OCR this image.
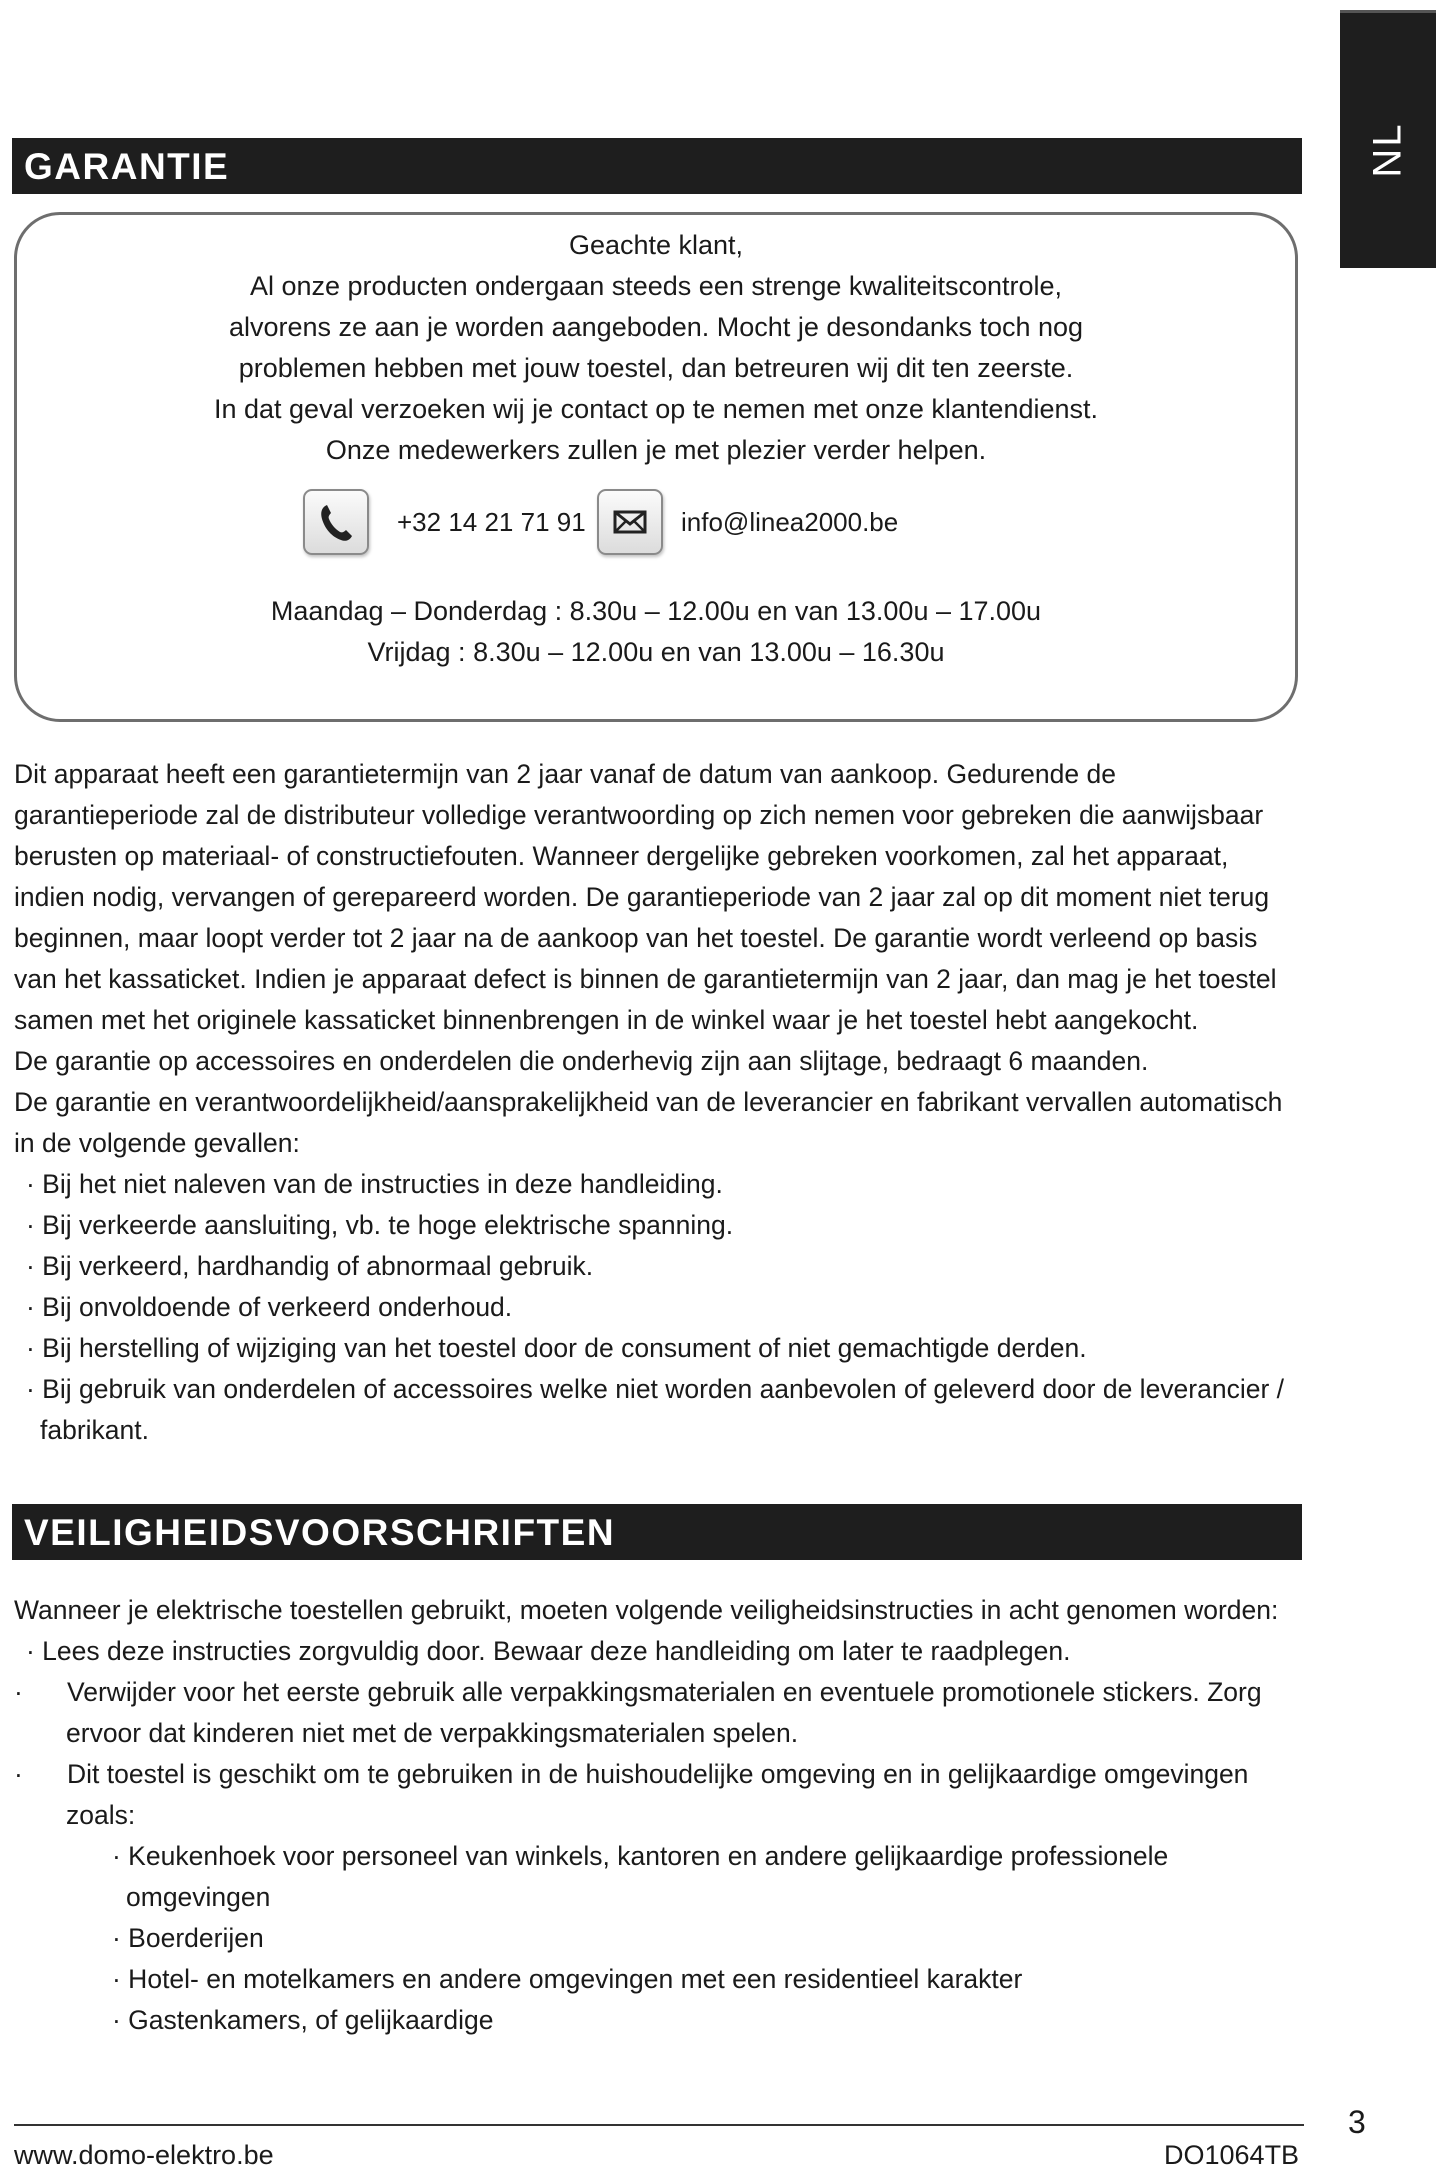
NL
GARANTIE
Geachte klant,
Al onze producten ondergaan steeds een strenge kwaliteitscontrole,
alvorens ze aan je worden aangeboden. Mocht je desondanks toch nog
problemen hebben met jouw toestel, dan betreuren wij dit ten zeerste.
In dat geval verzoeken wij je contact op te nemen met onze klantendienst.
Onze medewerkers zullen je met plezier verder helpen.
+32 14 21 71 91	info@linea2000.be
Maandag – Donderdag : 8.30u – 12.00u en van 13.00u – 17.00u
Vrijdag : 8.30u – 12.00u en van 13.00u – 16.30u

Dit apparaat heeft een garantietermijn van 2 jaar vanaf de datum van aankoop. Gedurende de garantieperiode zal de distributeur volledige verantwoording op zich nemen voor gebreken die aanwijsbaar berusten op materiaal- of constructiefouten. Wanneer dergelijke gebreken voorkomen, zal het apparaat, indien nodig, vervangen of gerepareerd worden. De garantieperiode van 2 jaar zal op dit moment niet terug beginnen, maar loopt verder tot 2 jaar na de aankoop van het toestel. De garantie wordt verleend op basis van het kassaticket. Indien je apparaat defect is binnen de garantietermijn van 2 jaar, dan mag je het toestel samen met het originele kassaticket binnenbrengen in de winkel waar je het toestel hebt aangekocht.

De garantie op accessoires en onderdelen die onderhevig zijn aan slijtage, bedraagt 6 maanden.

De garantie en verantwoordelijkheid/aansprakelijkheid van de leverancier en fabrikant vervallen automatisch in de volgende gevallen:

· Bij het niet naleven van de instructies in deze handleiding.

· Bij verkeerde aansluiting, vb. te hoge elektrische spanning.

· Bij verkeerd, hardhandig of abnormaal gebruik.

· Bij onvoldoende of verkeerd onderhoud.

· Bij herstelling of wijziging van het toestel door de consument of niet gemachtigde derden.

· Bij gebruik van onderdelen of accessoires welke niet worden aanbevolen of geleverd door de leverancier / fabrikant.

VEILIGHEIDSVOORSCHRIFTEN

Wanneer je elektrische toestellen gebruikt, moeten volgende veiligheidsinstructies in acht genomen worden:

· Lees deze instructies zorgvuldig door. Bewaar deze handleiding om later te raadplegen.

·      Verwijder voor het eerste gebruik alle verpakkingsmaterialen en eventuele promotionele stickers. Zorg ervoor dat kinderen niet met de verpakkingsmaterialen spelen.

·      Dit toestel is geschikt om te gebruiken in de huishoudelijke omgeving en in gelijkaardige omgevingen zoals:

· Keukenhoek voor personeel van winkels, kantoren en andere gelijkaardige professionele omgevingen

· Boerderijen

· Hotel- en motelkamers en andere omgevingen met een residentieel karakter

· Gastenkamers, of gelijkaardige

3
www.domo-elektro.be	DO1064TB
